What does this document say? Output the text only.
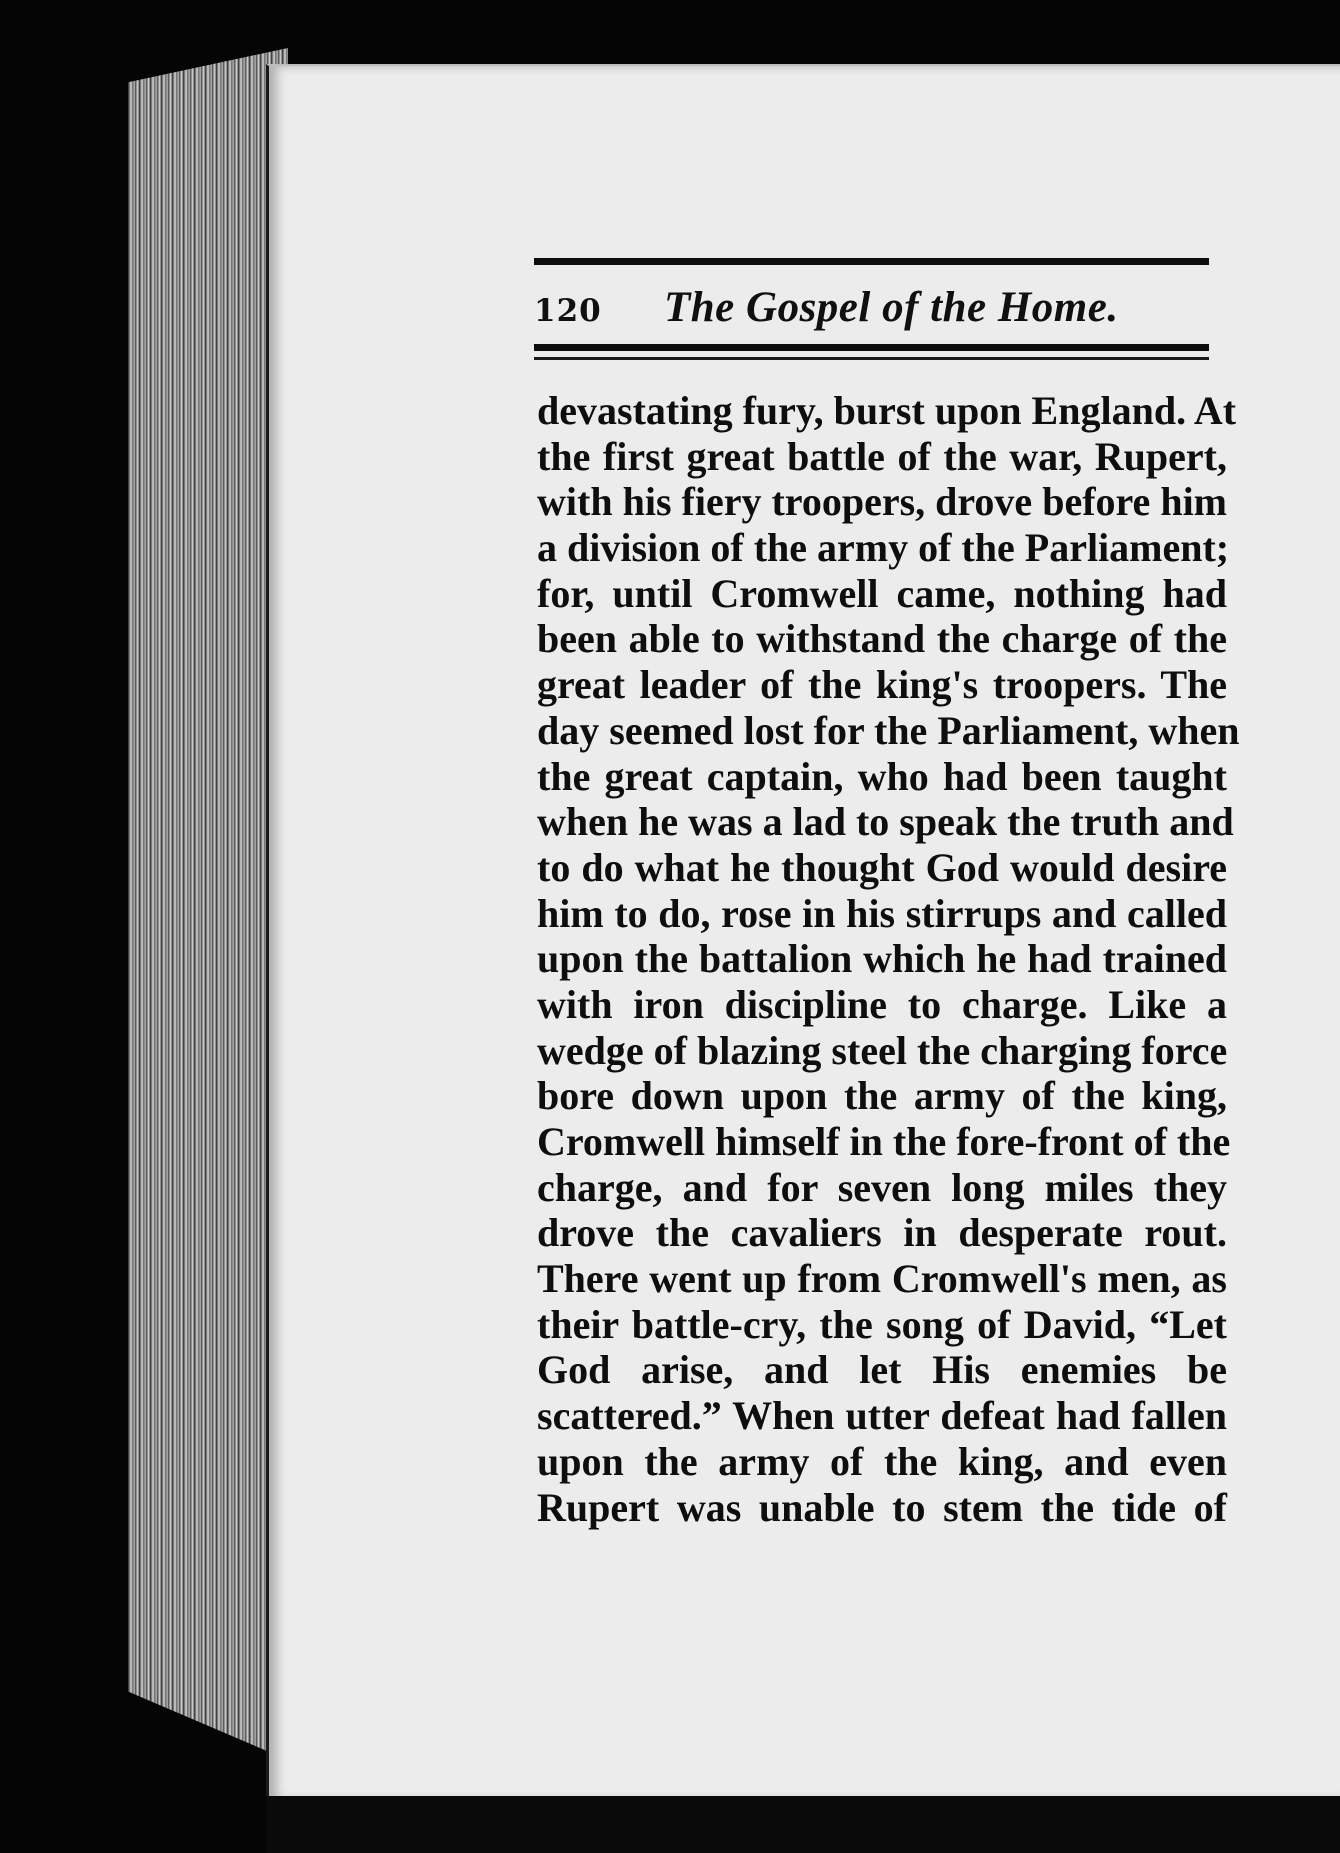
120	The Gospel of the Home.
devastating fury, burst upon England. At
the first great battle of the war, Rupert,
with his fiery troopers, drove before him
a division of the army of the Parliament;
for, until Cromwell came, nothing had
been able to withstand the charge of the
great leader of the king's troopers. The
day seemed lost for the Parliament, when
the great captain, who had been taught
when he was a lad to speak the truth and
to do what he thought God would desire
him to do, rose in his stirrups and called
upon the battalion which he had trained
with iron discipline to charge. Like a
wedge of blazing steel the charging force
bore down upon the army of the king,
Cromwell himself in the fore-front of the
charge, and for seven long miles they
drove the cavaliers in desperate rout.
There went up from Cromwell's men, as
their battle-cry, the song of David, “Let
God arise, and let His enemies be
scattered.” When utter defeat had fallen
upon the army of the king, and even
Rupert was unable to stem the tide of
